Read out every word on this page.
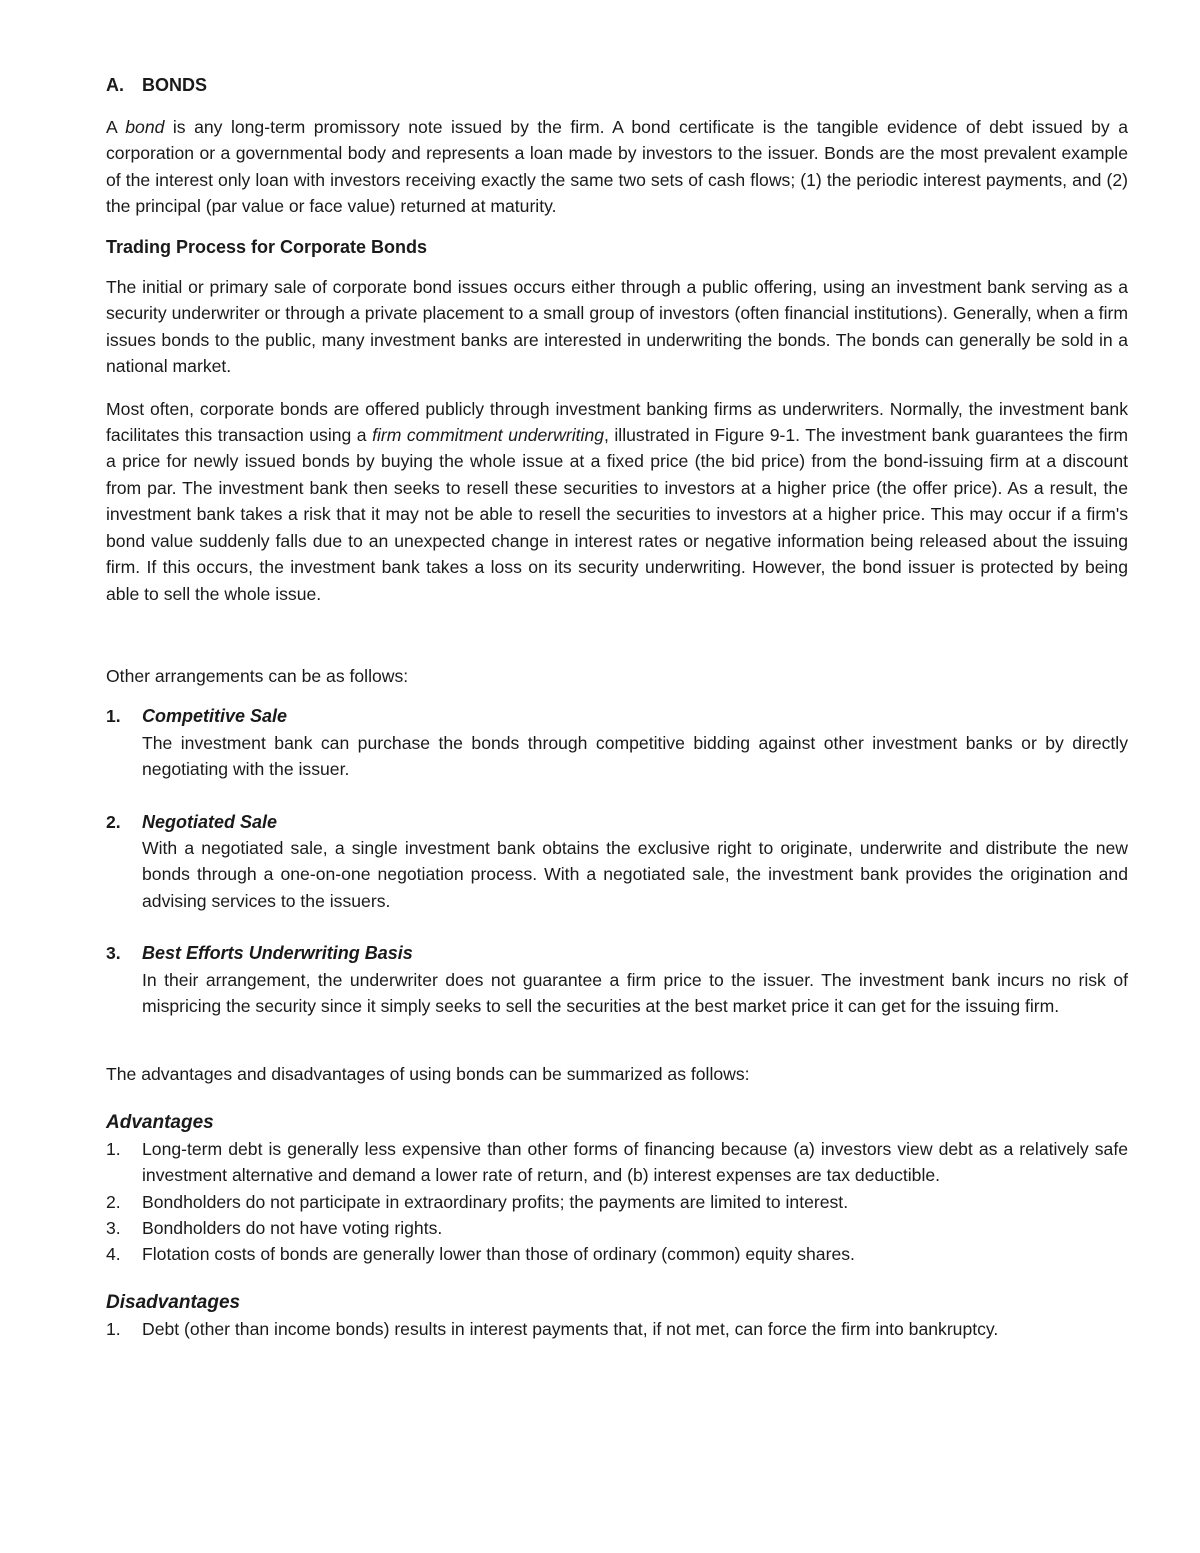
A.	BONDS

A bond is any long-term promissory note issued by the firm. A bond certificate is the tangible evidence of debt issued by a corporation or a governmental body and represents a loan made by investors to the issuer. Bonds are the most prevalent example of the interest only loan with investors receiving exactly the same two sets of cash flows; (1) the periodic interest payments, and (2) the principal (par value or face value) returned at maturity.

Trading Process for Corporate Bonds

The initial or primary sale of corporate bond issues occurs either through a public offering, using an investment bank serving as a security underwriter or through a private placement to a small group of investors (often financial institutions). Generally, when a firm issues bonds to the public, many investment banks are interested in underwriting the bonds. The bonds can generally be sold in a national market.

Most often, corporate bonds are offered publicly through investment banking firms as underwriters. Normally, the investment bank facilitates this transaction using a firm commitment underwriting, illustrated in Figure 9-1. The investment bank guarantees the firm a price for newly issued bonds by buying the whole issue at a fixed price (the bid price) from the bond-issuing firm at a discount from par. The investment bank then seeks to resell these securities to investors at a higher price (the offer price). As a result, the investment bank takes a risk that it may not be able to resell the securities to investors at a higher price. This may occur if a firm's bond value suddenly falls due to an unexpected change in interest rates or negative information being released about the issuing firm. If this occurs, the investment bank takes a loss on its security underwriting. However, the bond issuer is protected by being able to sell the whole issue.

Other arrangements can be as follows:

1.	Competitive Sale

The investment bank can purchase the bonds through competitive bidding against other investment banks or by directly negotiating with the issuer.

2.	Negotiated Sale

With a negotiated sale, a single investment bank obtains the exclusive right to originate, underwrite and distribute the new bonds through a one-on-one negotiation process. With a negotiated sale, the investment bank provides the origination and advising services to the issuers.

3.	Best Efforts Underwriting Basis

In their arrangement, the underwriter does not guarantee a firm price to the issuer. The investment bank incurs no risk of mispricing the security since it simply seeks to sell the securities at the best market price it can get for the issuing firm.

The advantages and disadvantages of using bonds can be summarized as follows:

Advantages
1.	Long-term debt is generally less expensive than other forms of financing because (a) investors view debt as a relatively safe investment alternative and demand a lower rate of return, and (b) interest expenses are tax deductible.

2.	Bondholders do not participate in extraordinary profits; the payments are limited to interest.

3.	Bondholders do not have voting rights.

4.	Flotation costs of bonds are generally lower than those of ordinary (common) equity shares.

Disadvantages
1.	Debt (other than income bonds) results in interest payments that, if not met, can force the firm into bankruptcy.
